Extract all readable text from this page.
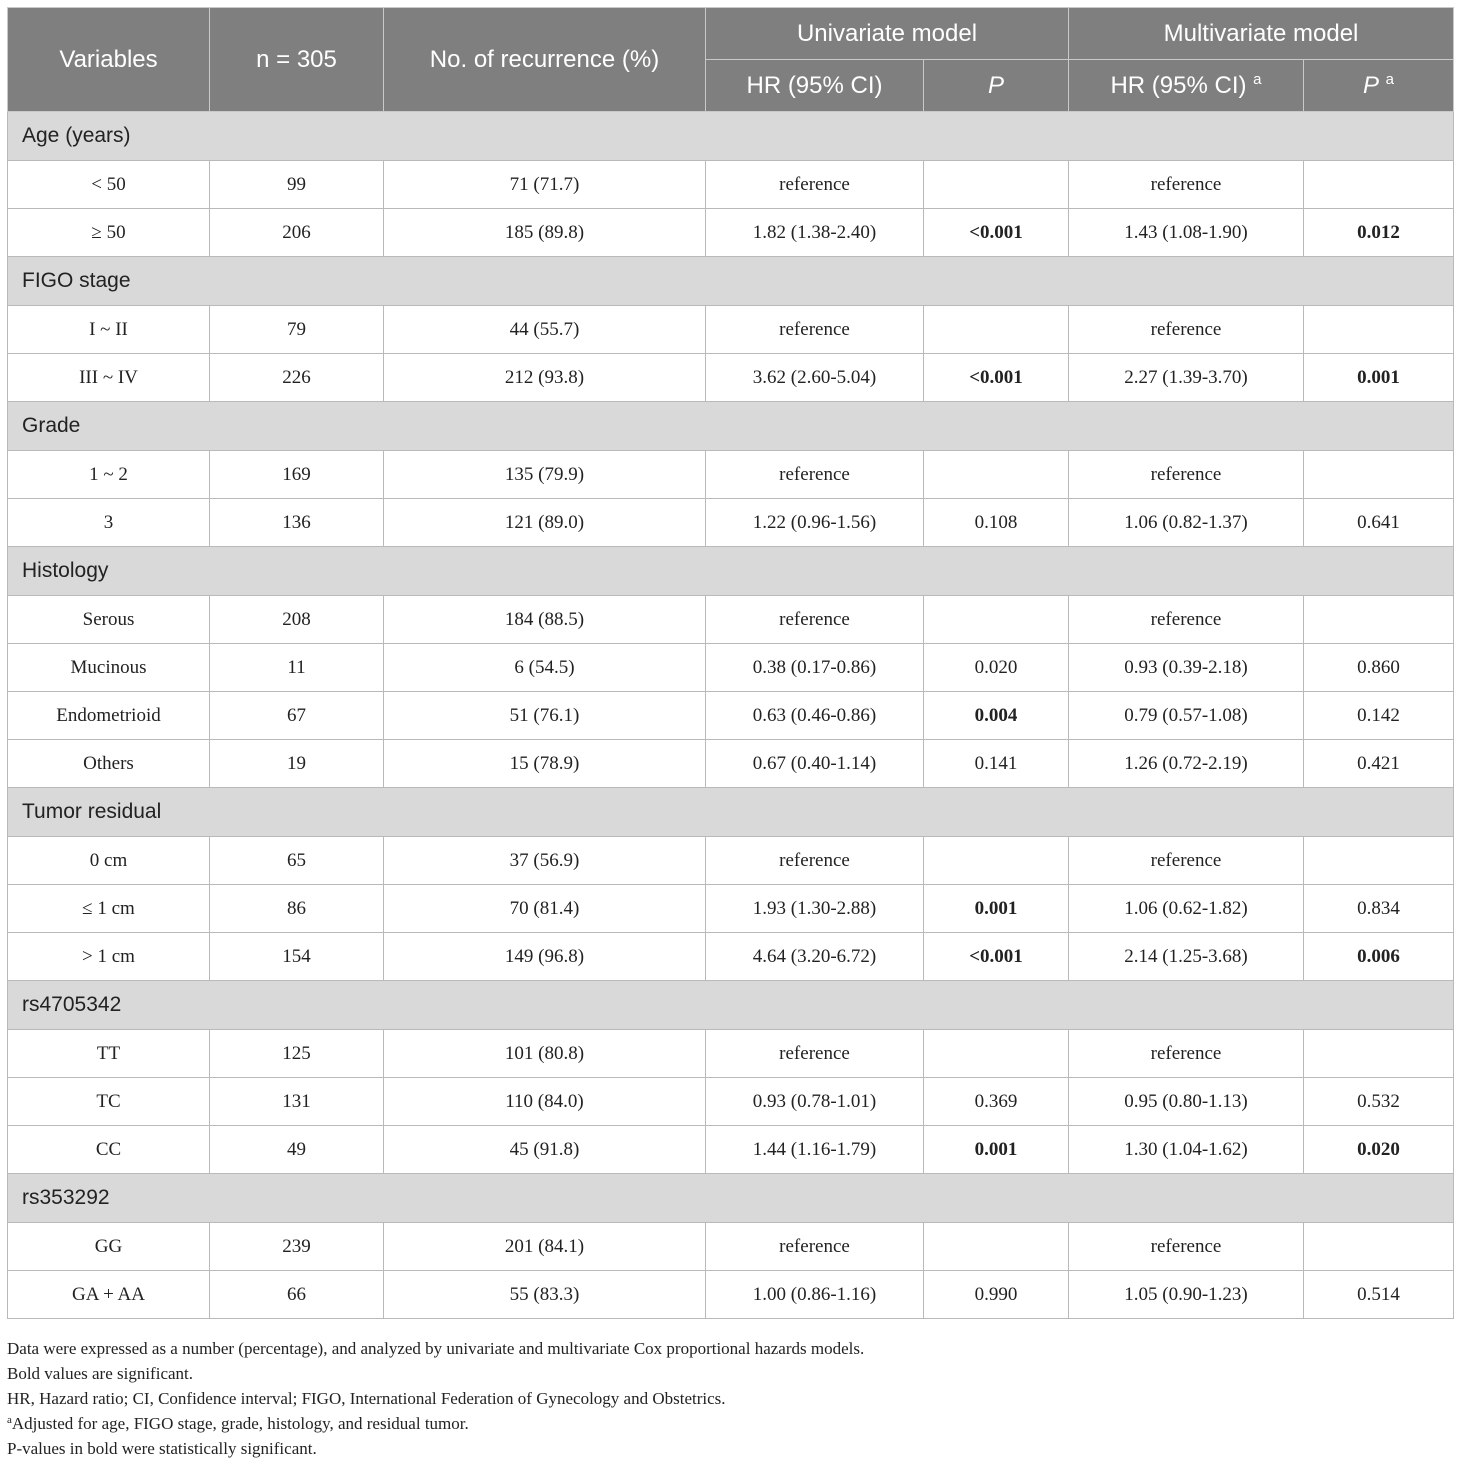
Variables	n = 305	No. of recurrence (%)	Univariate model		Multivariate model	
			HR (95% CI)	P	HR (95% CI) $^a$	P $^a$
Age (years)						
< 50	99	71 (71.7)	reference		reference	
≥ 50	206	185 (89.8)	1.82 (1.38-2.40)	<0.001	1.43 (1.08-1.90)	0.012
FIGO stage						
I ~ II	79	44 (55.7)	reference		reference	
III ~ IV	226	212 (93.8)	3.62 (2.60-5.04)	<0.001	2.27 (1.39-3.70)	0.001
Grade						
1 ~ 2	169	135 (79.9)	reference		reference	
3	136	121 (89.0)	1.22 (0.96-1.56)	0.108	1.06 (0.82-1.37)	0.641
Histology						
Serous	208	184 (88.5)	reference		reference	
Mucinous	11	6 (54.5)	0.38 (0.17-0.86)	0.020	0.93 (0.39-2.18)	0.860
Endometrioid	67	51 (76.1)	0.63 (0.46-0.86)	0.004	0.79 (0.57-1.08)	0.142
Others	19	15 (78.9)	0.67 (0.40-1.14)	0.141	1.26 (0.72-2.19)	0.421
Tumor residual						
0 cm	65	37 (56.9)	reference		reference	
≤ 1 cm	86	70 (81.4)	1.93 (1.30-2.88)	0.001	1.06 (0.62-1.82)	0.834
> 1 cm	154	149 (96.8)	4.64 (3.20-6.72)	<0.001	2.14 (1.25-3.68)	0.006
rs4705342						
TT	125	101 (80.8)	reference		reference	
TC	131	110 (84.0)	0.93 (0.78-1.01)	0.369	0.95 (0.80-1.13)	0.532
CC	49	45 (91.8)	1.44 (1.16-1.79)	0.001	1.30 (1.04-1.62)	0.020
rs353292						
GG	239	201 (84.1)	reference		reference	
GA + AA	66	55 (83.3)	1.00 (0.86-1.16)	0.990	1.05 (0.90-1.23)	0.514

Data were expressed as a number (percentage), and analyzed by univariate and multivariate Cox proportional hazards models.

Bold values are significant.

HR, Hazard ratio; CI, Confidence interval; FIGO, International Federation of Gynecology and Obstetrics.

$^a$Adjusted for age, FIGO stage, grade, histology, and residual tumor.

P-values in bold were statistically significant.
